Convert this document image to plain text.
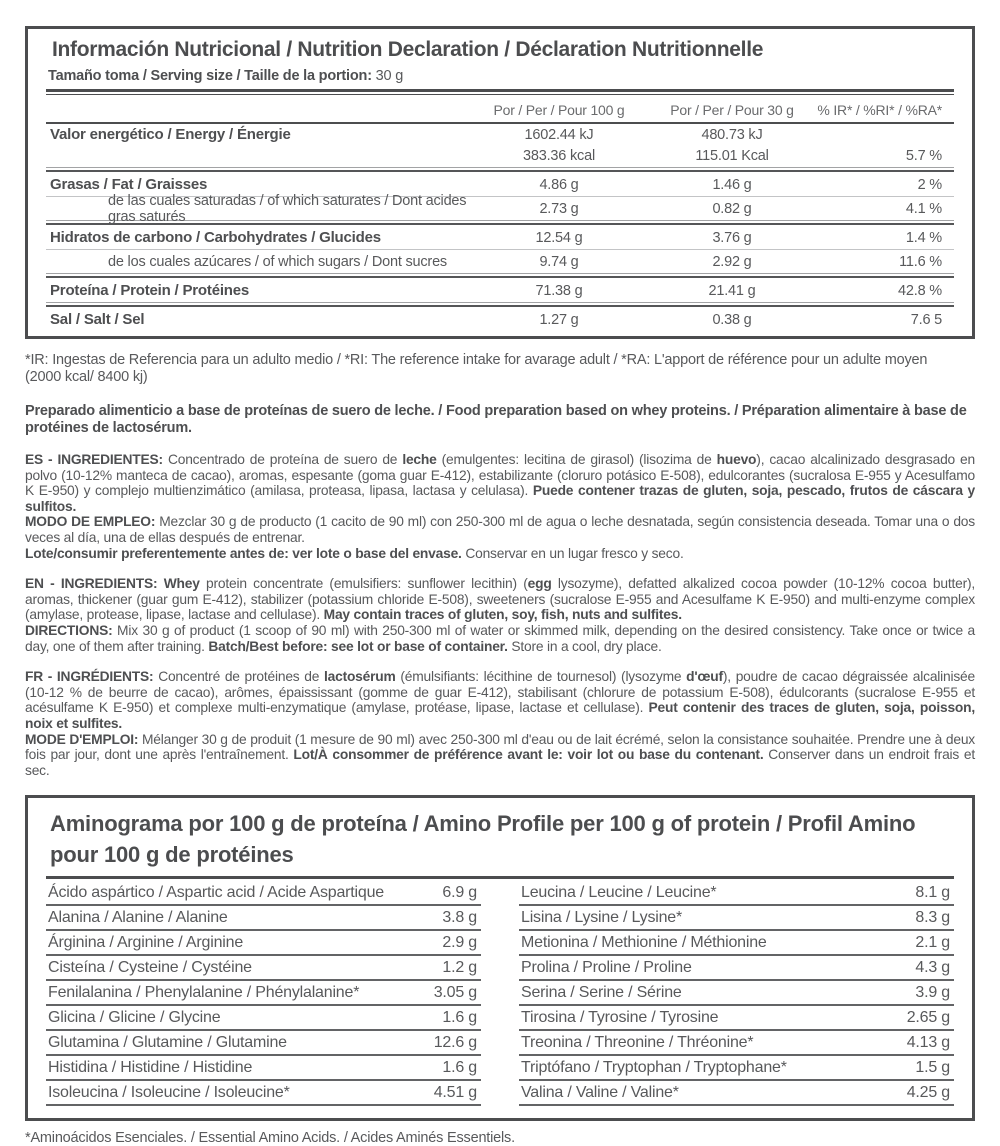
Información Nutricional / Nutrition Declaration / Déclaration Nutritionnelle
Tamaño toma / Serving size / Taille de la portion: 30 g
Por / Per / Pour 100 g	Por / Per / Pour 30 g	% IR* / %RI* / %RA*
Valor energético / Energy / Énergie	1602.44 kJ	480.73 kJ
383.36 kcal	115.01 Kcal	5.7 %
Grasas / Fat / Graisses	4.86 g	1.46 g	2 %
de las cuales saturadas / of which saturates / Dont acides gras saturés	2.73 g	0.82 g	4.1 %
Hidratos de carbono / Carbohydrates / Glucides	12.54 g	3.76 g	1.4 %
de los cuales azúcares / of which sugars / Dont sucres	9.74 g	2.92 g	11.6 %
Proteína / Protein / Protéines	71.38 g	21.41 g	42.8 %
Sal / Salt / Sel	1.27 g	0.38 g	7.6 5
*IR: Ingestas de Referencia para un adulto medio / *RI: The reference intake for avarage adult / *RA: L'apport de référence pour un adulte moyen
(2000 kcal/ 8400 kj)
Preparado alimenticio a base de proteínas de suero de leche. / Food preparation based on whey proteins. / Préparation alimentaire à base de protéines de lactosérum.
ES - INGREDIENTES: Concentrado de proteína de suero de leche (emulgentes: lecitina de girasol) (lisozima de huevo), cacao alcalinizado desgrasado en polvo (10-12% manteca de cacao), aromas, espesante (goma guar E-412), estabilizante (cloruro potásico E-508), edulcorantes (sucralosa E-955 y Acesulfamo K E-950) y complejo multienzimático (amilasa, proteasa, lipasa, lactasa y celulasa). Puede contener trazas de gluten, soja, pescado, frutos de cáscara y sulfitos.
MODO DE EMPLEO: Mezclar 30 g de producto (1 cacito de 90 ml) con 250-300 ml de agua o leche desnatada, según consistencia deseada. Tomar una o dos veces al día, una de ellas después de entrenar.
Lote/consumir preferentemente antes de: ver lote o base del envase. Conservar en un lugar fresco y seco.
EN - INGREDIENTS: Whey protein concentrate (emulsifiers: sunflower lecithin) (egg lysozyme), defatted alkalized cocoa powder (10-12% cocoa butter), aromas, thickener (guar gum E-412), stabilizer (potassium chloride E-508), sweeteners (sucralose E-955 and Acesulfame K E-950) and multi-enzyme complex (amylase, protease, lipase, lactase and cellulase). May contain traces of gluten, soy, fish, nuts and sulfites.
DIRECTIONS: Mix 30 g of product (1 scoop of 90 ml) with 250-300 ml of water or skimmed milk, depending on the desired consistency. Take once or twice a day, one of them after training. Batch/Best before: see lot or base of container. Store in a cool, dry place.
FR - INGRÉDIENTS: Concentré de protéines de lactosérum (émulsifiants: lécithine de tournesol) (lysozyme d'œuf), poudre de cacao dégraissée alcalinisée (10-12 % de beurre de cacao), arômes, épaississant (gomme de guar E-412), stabilisant (chlorure de potassium E-508), édulcorants (sucralose E-955 et acésulfame K E-950) et complexe multi-enzymatique (amylase, protéase, lipase, lactase et cellulase). Peut contenir des traces de gluten, soja, poisson, noix et sulfites.
MODE D'EMPLOI: Mélanger 30 g de produit (1 mesure de 90 ml) avec 250-300 ml d'eau ou de lait écrémé, selon la consistance souhaitée. Prendre une à deux fois par jour, dont une après l'entraînement. Lot/À consommer de préférence avant le: voir lot ou base du contenant. Conserver dans un endroit frais et sec.
Aminograma por 100 g de proteína / Amino Profile per 100 g of protein / Profil Amino pour 100 g de protéines
Ácido aspártico / Aspartic acid / Acide Aspartique	6.9 g
Alanina / Alanine / Alanine	3.8 g
Árginina / Arginine / Arginine	2.9 g
Cisteína / Cysteine / Cystéine	1.2 g
Fenilalanina / Phenylalanine / Phénylalanine*	3.05 g
Glicina / Glicine / Glycine	1.6 g
Glutamina / Glutamine / Glutamine	12.6 g
Histidina / Histidine / Histidine	1.6 g
Isoleucina / Isoleucine / Isoleucine*	4.51 g
Leucina / Leucine / Leucine*	8.1 g
Lisina / Lysine / Lysine*	8.3 g
Metionina / Methionine / Méthionine	2.1 g
Prolina / Proline / Proline	4.3 g
Serina / Serine / Sérine	3.9 g
Tirosina / Tyrosine / Tyrosine	2.65 g
Treonina / Threonine / Thréonine*	4.13 g
Triptófano / Tryptophan / Tryptophane*	1.5 g
Valina / Valine / Valine*	4.25 g
*Aminoácidos Esenciales. / Essential Amino Acids. / Acides Aminés Essentiels.
